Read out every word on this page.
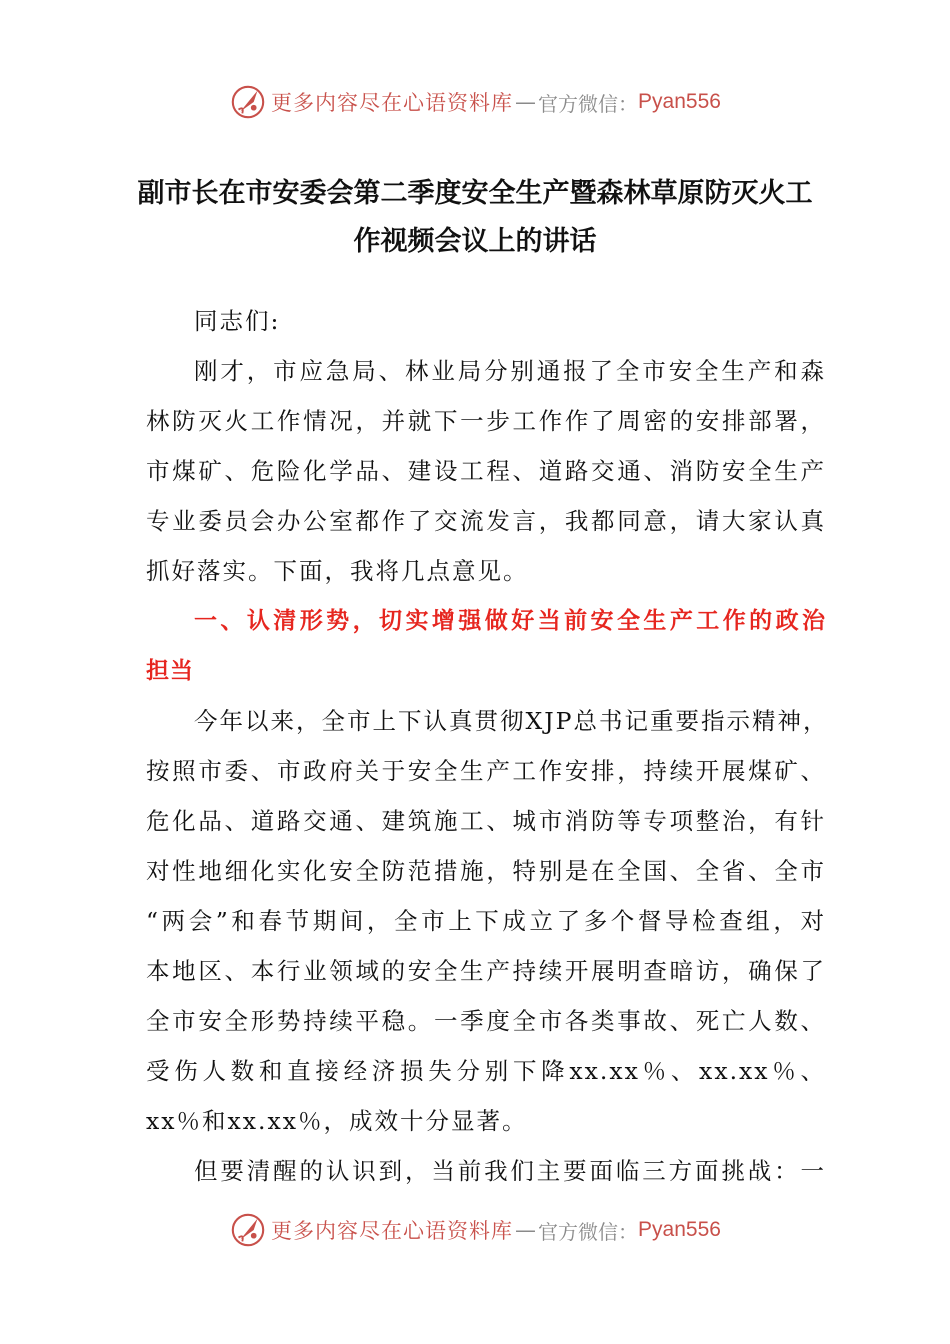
更多内容尽在心语资料库 — 官方微信： Pyan556
副市长在市安委会第二季度安全生产暨森林草原防灭火工
作视频会议上的讲话
同志们:
刚才，市应急局、林业局分别通报了全市安全生产和森
林防灭火工作情况，并就下一步工作作了周密的安排部署，
市煤矿、危险化学品、建设工程、道路交通、消防安全生产
专业委员会办公室都作了交流发言，我都同意，请大家认真
抓好落实。下面，我将几点意见。
一、认清形势，切实增强做好当前安全生产工作的政治
担当
今年以来，全市上下认真贯彻XJP总书记重要指示精神，
按照市委、市政府关于安全生产工作安排，持续开展煤矿、
危化品、道路交通、建筑施工、城市消防等专项整治，有针
对性地细化实化安全防范措施，特别是在全国、全省、全市
“两会”和春节期间，全市上下成立了多个督导检查组，对
本地区、本行业领域的安全生产持续开展明查暗访，确保了
全市安全形势持续平稳。一季度全市各类事故、死亡人数、
受伤人数和直接经济损失分别下降xx.xx％、xx.xx％、
xx％和xx.xx％，成效十分显著。
但要清醒的认识到，当前我们主要面临三方面挑战：一
更多内容尽在心语资料库 — 官方微信： Pyan556
